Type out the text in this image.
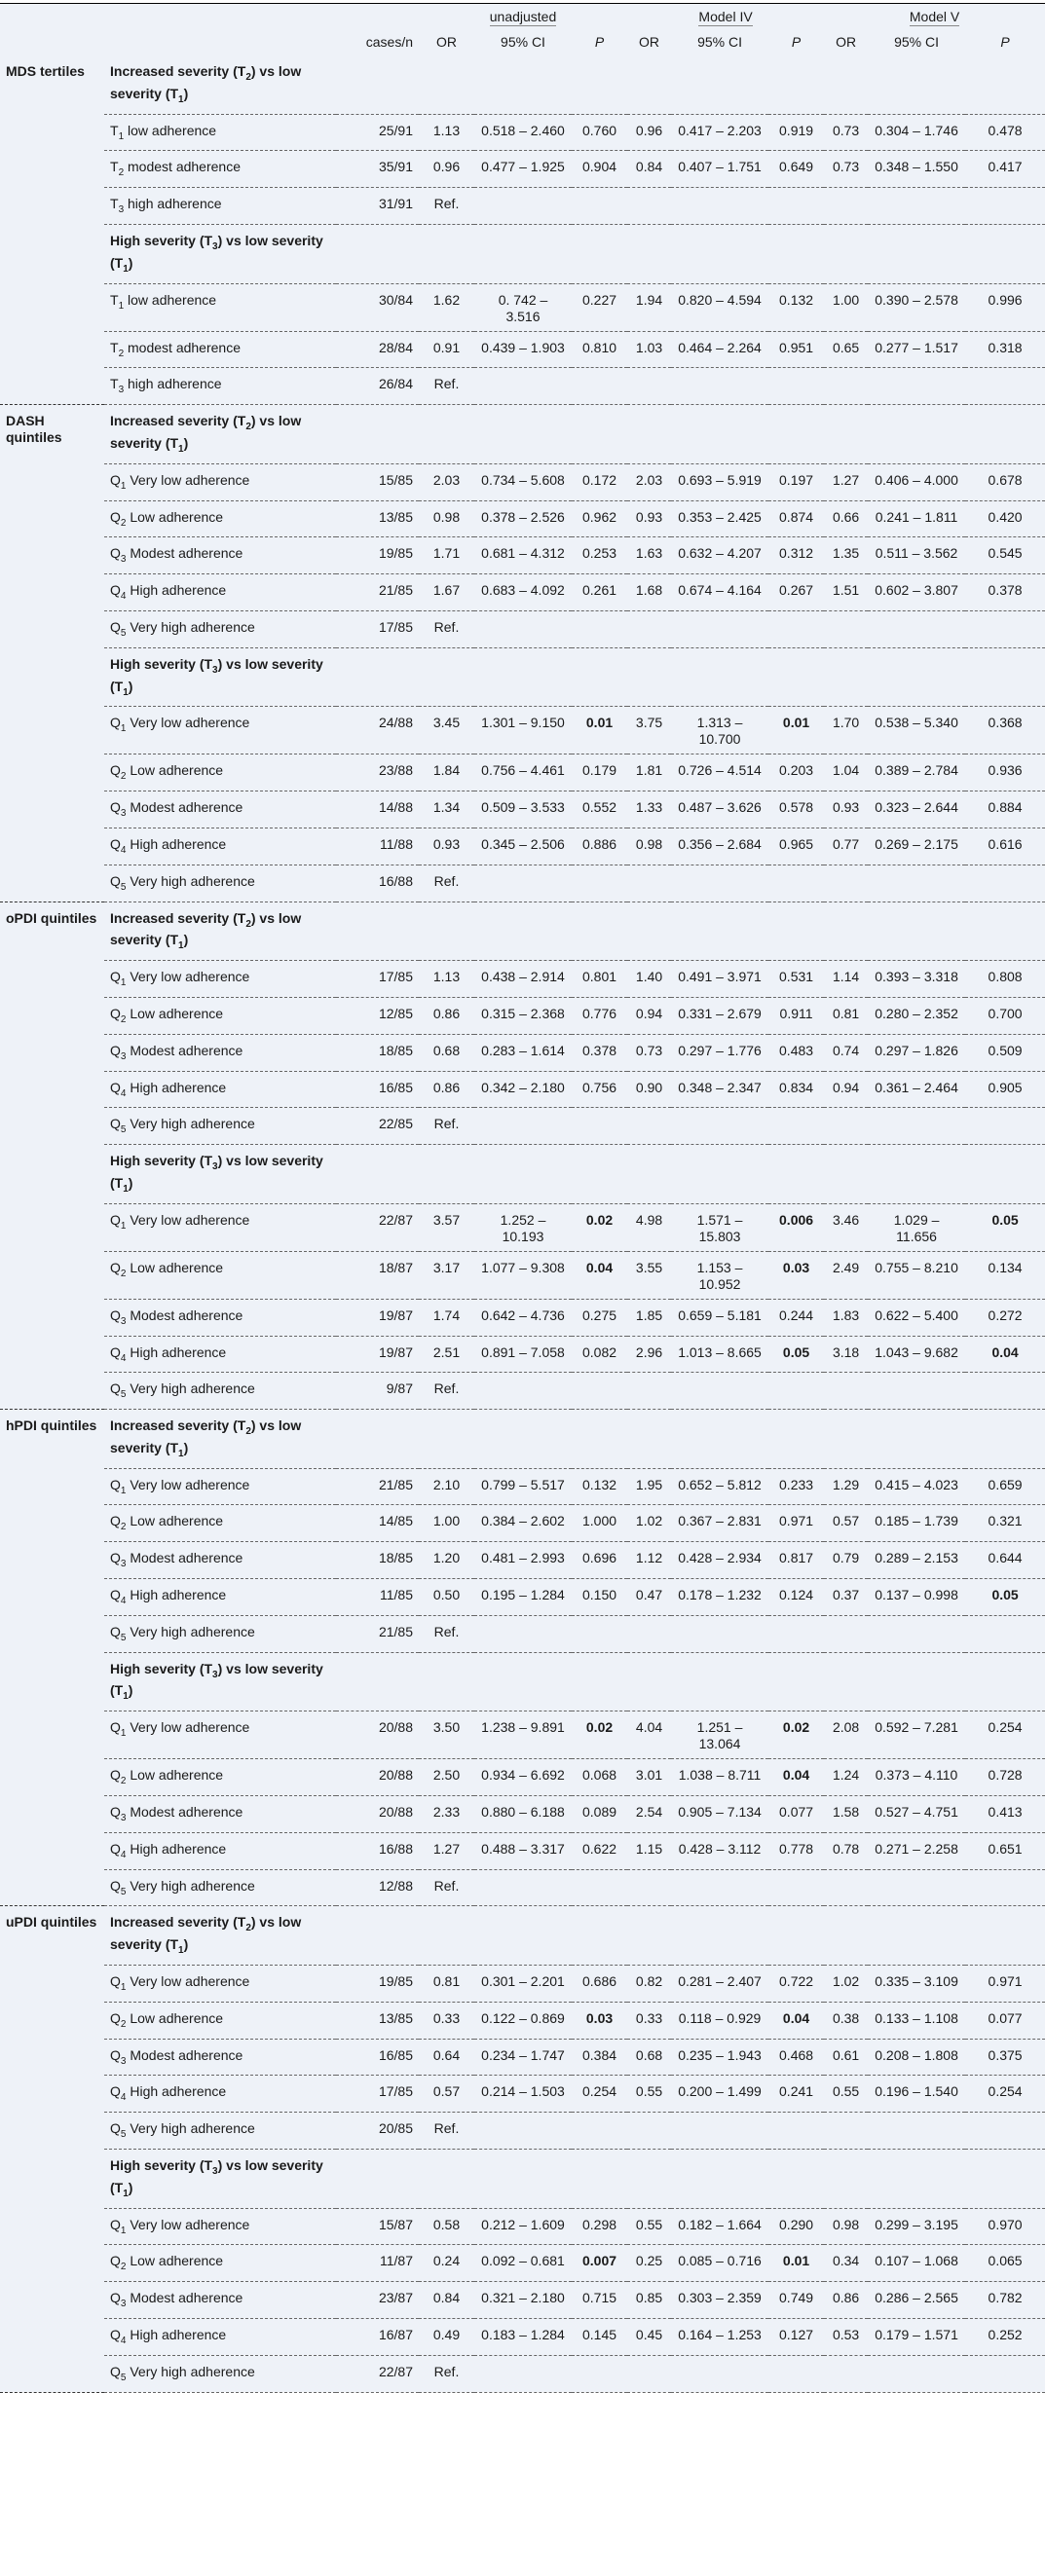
			unadjusted			Model IV			Model V		
		cases/n	OR	95% CI	P	OR	95% CI	P	OR	95% CI	P
MDS tertiles	Increased severity $(T_2)$ vs low severity $(T_1)$										
	$T_1$ low adherence	25/91	1.13	0.518 – 2.460	0.760	0.96	0.417 – 2.203	0.919	0.73	0.304 – 1.746	0.478
	$T_2$ modest adherence	35/91	0.96	0.477 – 1.925	0.904	0.84	0.407 – 1.751	0.649	0.73	0.348 – 1.550	0.417
	$T_3$ high adherence	31/91	Ref.								
	High severity $(T_3)$ vs low severity $(T_1)$										
	$T_1$ low adherence	30/84	1.62	0. 742 – 3.516	0.227	1.94	0.820 – 4.594	0.132	1.00	0.390 – 2.578	0.996
	$T_2$ modest adherence	28/84	0.91	0.439 – 1.903	0.810	1.03	0.464 – 2.264	0.951	0.65	0.277 – 1.517	0.318
	$T_3$ high adherence	26/84	Ref.								
DASH quintiles	Increased severity $(T_2)$ vs low severity $(T_1)$										
	$Q_1$ Very low adherence	15/85	2.03	0.734 – 5.608	0.172	2.03	0.693 – 5.919	0.197	1.27	0.406 – 4.000	0.678
	$Q_2$ Low adherence	13/85	0.98	0.378 – 2.526	0.962	0.93	0.353 – 2.425	0.874	0.66	0.241 – 1.811	0.420
	$Q_3$ Modest adherence	19/85	1.71	0.681 – 4.312	0.253	1.63	0.632 – 4.207	0.312	1.35	0.511 – 3.562	0.545
	$Q_4$ High adherence	21/85	1.67	0.683 – 4.092	0.261	1.68	0.674 – 4.164	0.267	1.51	0.602 – 3.807	0.378
	$Q_5$ Very high adherence	17/85	Ref.								
	High severity $(T_3)$ vs low severity $(T_1)$										
	$Q_1$ Very low adherence	24/88	3.45	1.301 – 9.150	0.01	3.75	1.313 – 10.700	0.01	1.70	0.538 – 5.340	0.368
	$Q_2$ Low adherence	23/88	1.84	0.756 – 4.461	0.179	1.81	0.726 – 4.514	0.203	1.04	0.389 – 2.784	0.936
	$Q_3$ Modest adherence	14/88	1.34	0.509 – 3.533	0.552	1.33	0.487 – 3.626	0.578	0.93	0.323 – 2.644	0.884
	$Q_4$ High adherence	11/88	0.93	0.345 – 2.506	0.886	0.98	0.356 – 2.684	0.965	0.77	0.269 – 2.175	0.616
	$Q_5$ Very high adherence	16/88	Ref.								
oPDI quintiles	Increased severity $(T_2)$ vs low severity $(T_1)$										
	$Q_1$ Very low adherence	17/85	1.13	0.438 – 2.914	0.801	1.40	0.491 – 3.971	0.531	1.14	0.393 – 3.318	0.808
	$Q_2$ Low adherence	12/85	0.86	0.315 – 2.368	0.776	0.94	0.331 – 2.679	0.911	0.81	0.280 – 2.352	0.700
	$Q_3$ Modest adherence	18/85	0.68	0.283 – 1.614	0.378	0.73	0.297 – 1.776	0.483	0.74	0.297 – 1.826	0.509
	$Q_4$ High adherence	16/85	0.86	0.342 – 2.180	0.756	0.90	0.348 – 2.347	0.834	0.94	0.361 – 2.464	0.905
	$Q_5$ Very high adherence	22/85	Ref.								
	High severity $(T_3)$ vs low severity $(T_1)$										
	$Q_1$ Very low adherence	22/87	3.57	1.252 – 10.193	0.02	4.98	1.571 – 15.803	0.006	3.46	1.029 – 11.656	0.05
	$Q_2$ Low adherence	18/87	3.17	1.077 – 9.308	0.04	3.55	1.153 – 10.952	0.03	2.49	0.755 – 8.210	0.134
	$Q_3$ Modest adherence	19/87	1.74	0.642 – 4.736	0.275	1.85	0.659 – 5.181	0.244	1.83	0.622 – 5.400	0.272
	$Q_4$ High adherence	19/87	2.51	0.891 – 7.058	0.082	2.96	1.013 – 8.665	0.05	3.18	1.043 – 9.682	0.04
	$Q_5$ Very high adherence	9/87	Ref.								
hPDI quintiles	Increased severity $(T_2)$ vs low severity $(T_1)$										
	$Q_1$ Very low adherence	21/85	2.10	0.799 – 5.517	0.132	1.95	0.652 – 5.812	0.233	1.29	0.415 – 4.023	0.659
	$Q_2$ Low adherence	14/85	1.00	0.384 – 2.602	1.000	1.02	0.367 – 2.831	0.971	0.57	0.185 – 1.739	0.321
	$Q_3$ Modest adherence	18/85	1.20	0.481 – 2.993	0.696	1.12	0.428 – 2.934	0.817	0.79	0.289 – 2.153	0.644
	$Q_4$ High adherence	11/85	0.50	0.195 – 1.284	0.150	0.47	0.178 – 1.232	0.124	0.37	0.137 – 0.998	0.05
	$Q_5$ Very high adherence	21/85	Ref.								
	High severity $(T_3)$ vs low severity $(T_1)$										
	$Q_1$ Very low adherence	20/88	3.50	1.238 – 9.891	0.02	4.04	1.251 – 13.064	0.02	2.08	0.592 – 7.281	0.254
	$Q_2$ Low adherence	20/88	2.50	0.934 – 6.692	0.068	3.01	1.038 – 8.711	0.04	1.24	0.373 – 4.110	0.728
	$Q_3$ Modest adherence	20/88	2.33	0.880 – 6.188	0.089	2.54	0.905 – 7.134	0.077	1.58	0.527 – 4.751	0.413
	$Q_4$ High adherence	16/88	1.27	0.488 – 3.317	0.622	1.15	0.428 – 3.112	0.778	0.78	0.271 – 2.258	0.651
	$Q_5$ Very high adherence	12/88	Ref.								
uPDI quintiles	Increased severity $(T_2)$ vs low severity $(T_1)$										
	$Q_1$ Very low adherence	19/85	0.81	0.301 – 2.201	0.686	0.82	0.281 – 2.407	0.722	1.02	0.335 – 3.109	0.971
	$Q_2$ Low adherence	13/85	0.33	0.122 – 0.869	0.03	0.33	0.118 – 0.929	0.04	0.38	0.133 – 1.108	0.077
	$Q_3$ Modest adherence	16/85	0.64	0.234 – 1.747	0.384	0.68	0.235 – 1.943	0.468	0.61	0.208 – 1.808	0.375
	$Q_4$ High adherence	17/85	0.57	0.214 – 1.503	0.254	0.55	0.200 – 1.499	0.241	0.55	0.196 – 1.540	0.254
	$Q_5$ Very high adherence	20/85	Ref.								
	High severity $(T_3)$ vs low severity $(T_1)$										
	$Q_1$ Very low adherence	15/87	0.58	0.212 – 1.609	0.298	0.55	0.182 – 1.664	0.290	0.98	0.299 – 3.195	0.970
	$Q_2$ Low adherence	11/87	0.24	0.092 – 0.681	0.007	0.25	0.085 – 0.716	0.01	0.34	0.107 – 1.068	0.065
	$Q_3$ Modest adherence	23/87	0.84	0.321 – 2.180	0.715	0.85	0.303 – 2.359	0.749	0.86	0.286 – 2.565	0.782
	$Q_4$ High adherence	16/87	0.49	0.183 – 1.284	0.145	0.45	0.164 – 1.253	0.127	0.53	0.179 – 1.571	0.252
	$Q_5$ Very high adherence	22/87	Ref.								
